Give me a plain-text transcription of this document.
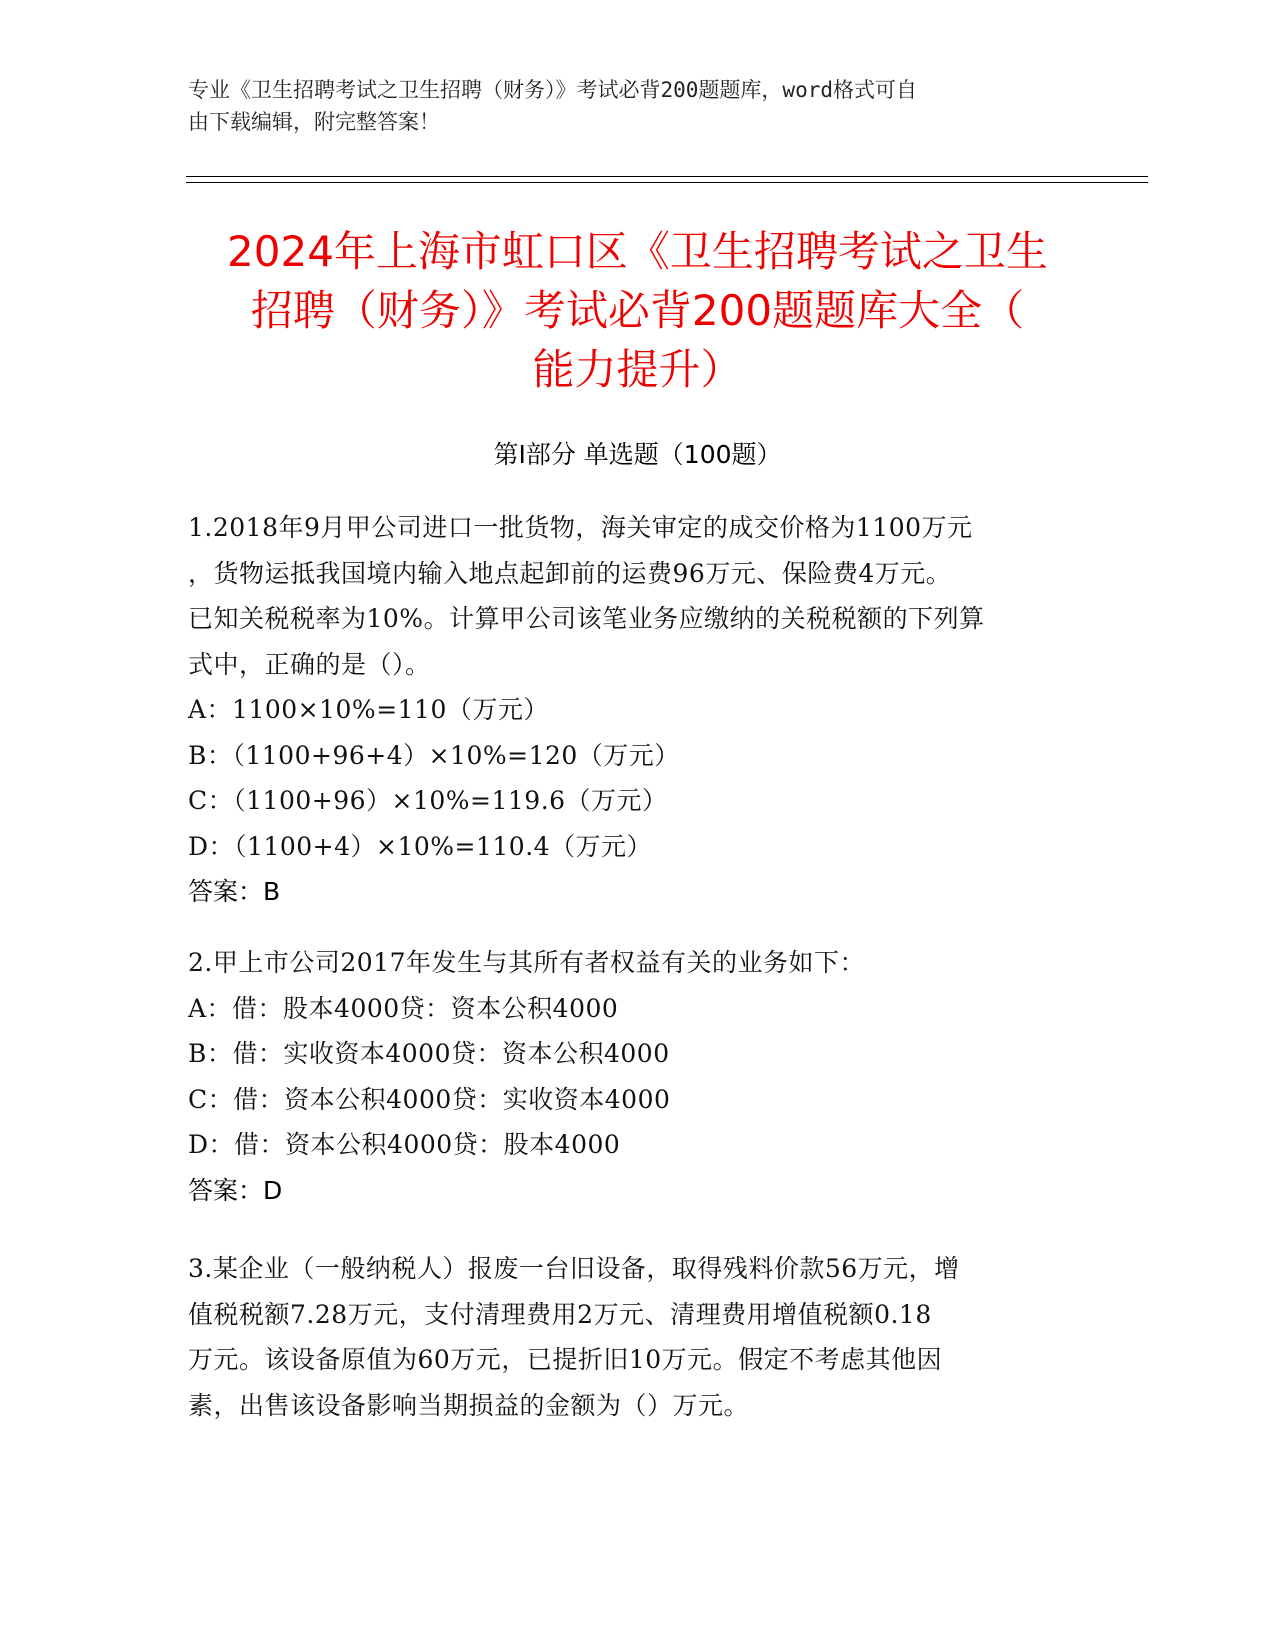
专业《卫生招聘考试之卫生招聘（财务）》考试必背200题题库，word格式可自
由下载编辑，附完整答案！
2024年上海市虹口区《卫生招聘考试之卫生
招聘（财务）》考试必背200题题库大全（
能力提升）
第Ⅰ部分 单选题（100题）
1.2018年9月甲公司进口一批货物，海关审定的成交价格为1100万元
，货物运抵我国境内输入地点起卸前的运费96万元、保险费4万元。
已知关税税率为10%。计算甲公司该笔业务应缴纳的关税税额的下列算
式中，正确的是（）。
A：1100×10%=110（万元）
B：（1100+96+4）×10%=120（万元）
C：（1100+96）×10%=119.6（万元）
D：（1100+4）×10%=110.4（万元）
答案：B
2.甲上市公司2017年发生与其所有者权益有关的业务如下：
A：借：股本4000贷：资本公积4000
B：借：实收资本4000贷：资本公积4000
C：借：资本公积4000贷：实收资本4000
D：借：资本公积4000贷：股本4000
答案：D
3.某企业（一般纳税人）报废一台旧设备，取得残料价款56万元，增
值税税额7.28万元，支付清理费用2万元、清理费用增值税额0.18
万元。该设备原值为60万元，已提折旧10万元。假定不考虑其他因
素，出售该设备影响当期损益的金额为（）万元。
